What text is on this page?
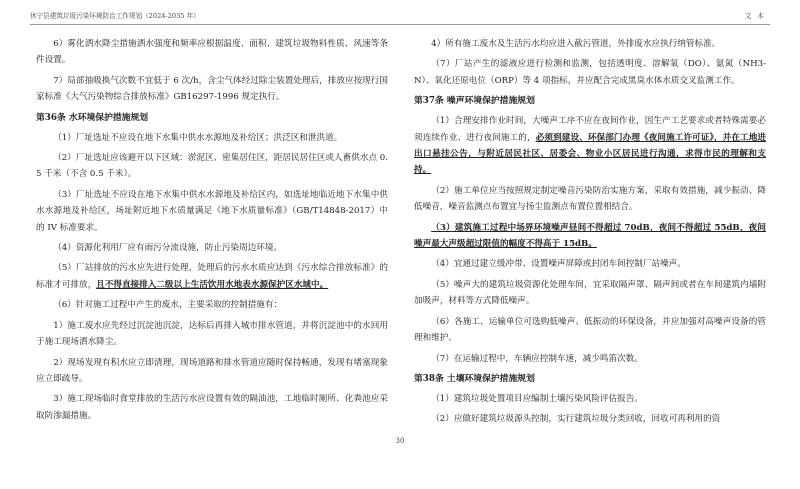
休宁县建筑垃圾污染环境防治工作规划（2024-2035 年）	文本

6）雾化洒水降尘措施洒水强度和频率应根据温度、面积、建筑垃圾物料性质、风速等条件设置。

7）局部抽吸换气次数不宜低于 6 次/h，含尘气体经过除尘装置处理后，排放应按现行国家标准《大气污染物综合排放标准》GB16297-1996 规定执行。

第36条 水环境保护措施规划

（1）厂址选址不应设在地下水集中供水水源地及补给区；洪泛区和泄洪道。

（2）厂址选址应该避开以下区域：淤泥区、密集居住区，距居民居住区或人畜供水点 0.5 千米（不含 0.5 千米）。

（3）厂址选址不应设在地下水集中供水水源地及补给区内，如选址地临近地下水集中供水水源地及补给区，场址附近地下水质量满足《地下水质量标准》（GB/T14848-2017）中的 IV 标准要求。

（4）资源化利用厂应有雨污分流设施，防止污染周边环境。

（5）厂站排放的污水应先进行处理，处理后的污水水质应达到《污水综合排放标准》的标准才可排放，且不得直接排入二级以上生活饮用水地表水源保护区水域中。

（6）针对施工过程中产生的废水，主要采取的控制措施有：

1）施工废水应先经过沉淀池沉淀，达标后再排入城市排水管道，并将沉淀池中的水回用于施工现场洒水降尘。

2）现场发现有积水应立即清理，现场道路和排水管道应随时保持畅通，发现有堵塞现象应立即疏导。

3）施工现场临时食堂排放的生活污水应设置有效的隔油池，工地临时厕所、化粪池应采取防渗漏措施。

4）所有施工废水及生活污水均应进入截污管道，外排废水应执行纳管标准。

（7）厂站产生的滤液应进行检测和监测，包括透明度、溶解氧（DO）、氨氮（NH3-N）、氧化还原电位（ORP）等 4 项指标，并应配合完成黑臭水体水质交叉监测工作。

第37条 噪声环境保护措施规划

（1）合理安排作业时间，大噪声工序不应在夜间作业，因生产工艺要求或者特殊需要必须连续作业、进行夜间施工的，必须到建设、环保部门办理《夜间施工许可证》，并在工地进出口悬挂公告，与附近居民社区、居委会、物业小区居民进行沟通，求得市民的理解和支持。

（2）施工单位应当按照规定制定噪音污染防治实施方案，采取有效措施，减少振动、降低噪音，噪音监测点布置宜与扬尘监测点布置位置相结合。

（3）建筑施工过程中场界环境噪声昼间不得超过 70dB，夜间不得超过 55dB，夜间噪声最大声级超过限值的幅度不得高于 15dB。

（4）宜通过建立缓冲带、设置噪声屏障或封闭车间控制厂站噪声。

（5）噪声大的建筑垃圾资源化处理车间，宜采取隔声罩、隔声间或者在车间建筑内墙附加吸声，材料等方式降低噪声。

（6）各施工、运输单位可选购低噪声、低振动的环保设备，并应加强对高噪声设备的管理和维护。

（7）在运输过程中，车辆应控制车速，减少鸣笛次数。

第38条 土壤环境保护措施规划

（1）建筑垃圾处置项目应编制土壤污染风险评估报告。

（2）应做好建筑垃圾源头控制，实行建筑垃圾分类回收，回收可再利用的资

30
